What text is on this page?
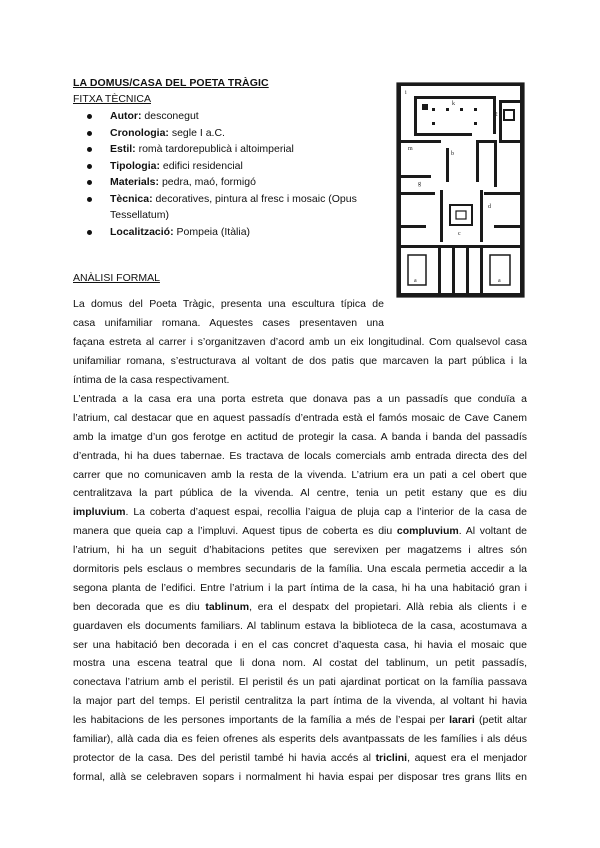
LA DOMUS/CASA DEL POETA TRÀGIC
FITXA TÈCNICA
Autor: desconegut
Cronologia: segle I a.C.
Estil: romà tardorepublicà i altoimperial
Tipologia: edifici residencial
Materials: pedra, maó, formigó
Tècnica: decoratives, pintura al fresc i mosaic (Opus Tessellatum)
Localització: Pompeia (Itàlia)
ANÀLISI FORMAL
La domus del Poeta Tràgic, presenta una escultura típica de
casa unifamiliar romana. Aquestes cases presentaven una
façana estreta al carrer i s’organitzaven d’acord amb un eix longitudinal. Com qualsevol casa
unifamiliar romana, s’estructurava al voltant de dos patis que marcaven la part pública i la
íntima de la casa respectivament.
L’entrada a la casa era una porta estreta que donava pas a un passadís que conduïa a
l’atrium, cal destacar que en aquest passadís d’entrada està el famós mosaic de Cave Canem
amb la imatge d’un gos ferotge en actitud de protegir la casa. A banda i banda del passadís
d’entrada, hi ha dues tabernae. Es tractava de locals comercials amb entrada directa des del
carrer que no comunicaven amb la resta de la vivenda. L’atrium era un pati a cel obert que
centralitzava la part pública de la vivenda. Al centre, tenia un petit estany que es diu
impluvium. La coberta d’aquest espai, recollia l’aigua de pluja cap a l’interior de la casa de
manera que queia cap a l’impluvi. Aquest tipus de coberta es diu compluvium. Al voltant de
l’atrium, hi ha un seguit d’habitacions petites que serevixen per magatzems i altres són
dormitoris pels esclaus o membres secundaris de la família. Una escala permetia accedir a la
segona planta de l’edifici. Entre l’atrium i la part íntima de la casa, hi ha una habitació gran i
ben decorada que es diu tablinum, era el despatx del propietari. Allà rebia als clients i e
guardaven els documents familiars. Al tablinum estava la biblioteca de la casa, acostumava a
ser una habitació ben decorada i en el cas concret d’aquesta casa, hi havia el mosaic que
mostra una escena teatral que li dona nom. Al costat del tablinum, un petit passadís,
conectava l’atrium amb el peristil. El peristil és un pati ajardinat porticat on la família passava
la major part del temps. El peristil centralitza la part íntima de la vivenda, al voltant hi havia
les habitacions de les persones importants de la família a més de l’espai per larari (petit altar
familiar), allà cada dia es feien ofrenes als esperits dels avantpassats de les famílies i als déus
protector de la casa. Des del peristil també hi havia accés al triclini, aquest era el menjador
formal, allà se celebraven sopars i normalment hi havia espai per disposar tres grans llits en
i
k
i2
m
b
g
d
c
a	a
